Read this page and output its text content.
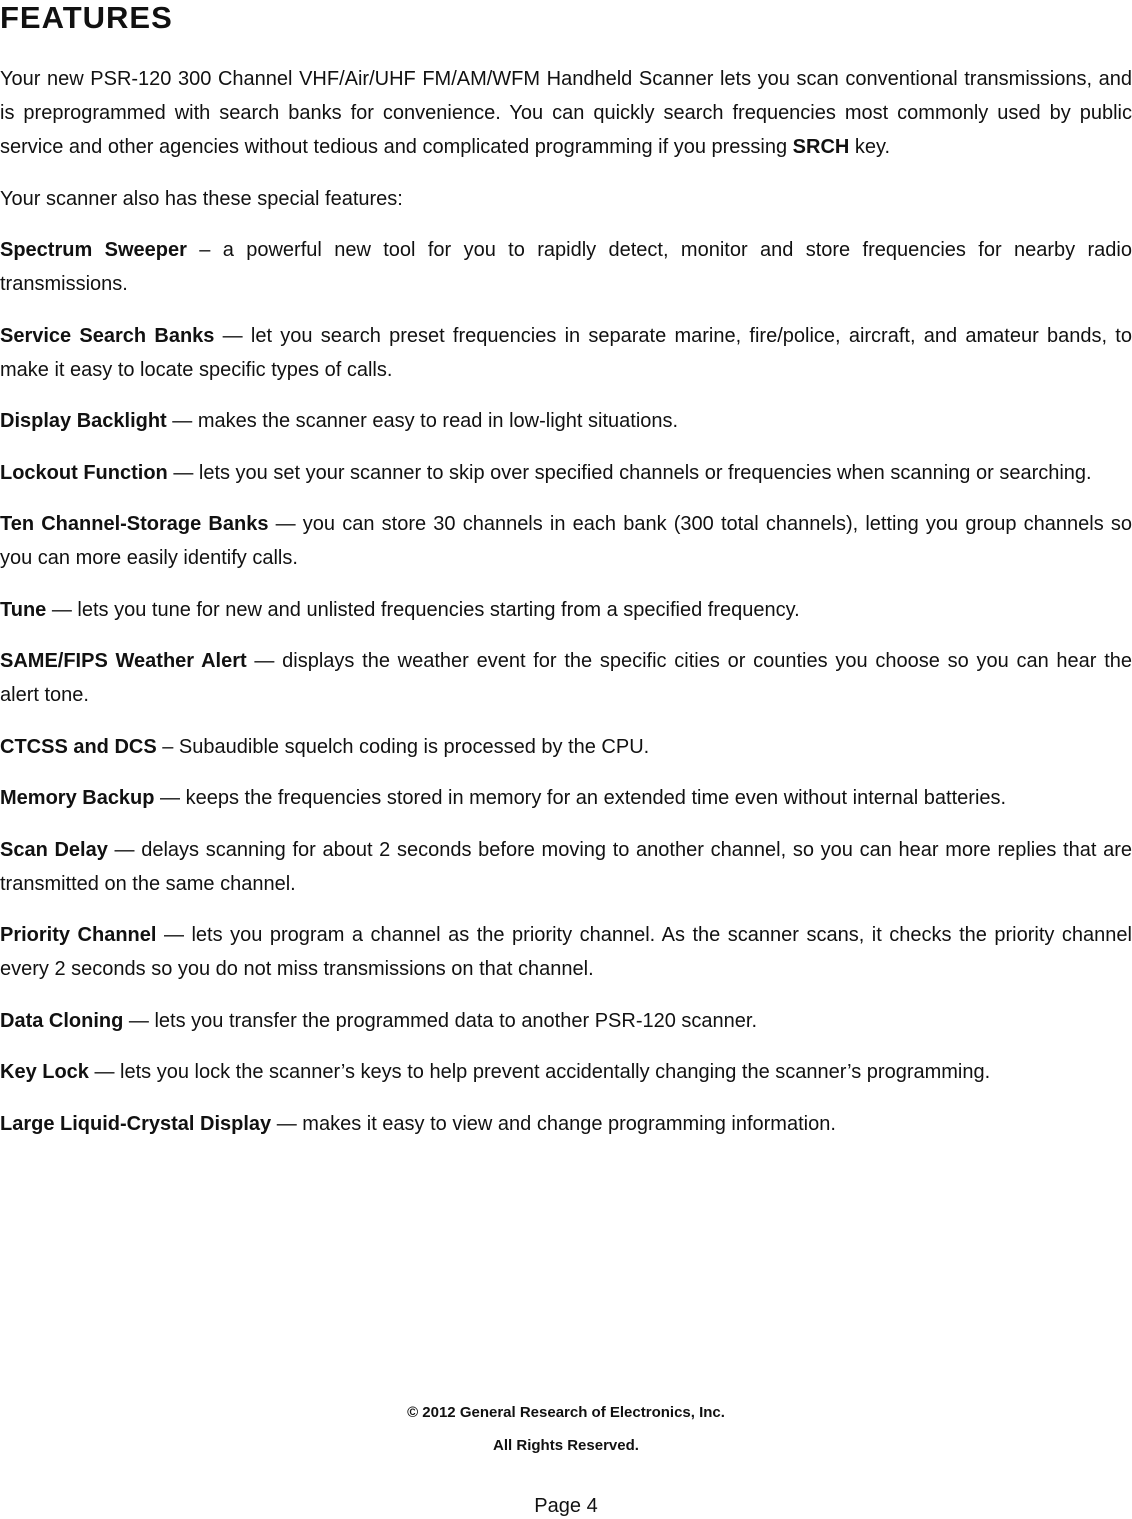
FEATURES

Your new PSR-120 300 Channel VHF/Air/UHF FM/AM/WFM Handheld Scanner lets you scan conventional transmissions, and is preprogrammed with search banks for convenience. You can quickly search frequencies most commonly used by public service and other agencies without tedious and complicated programming if you pressing SRCH key.

Your scanner also has these special features:

Spectrum Sweeper – a powerful new tool for you to rapidly detect, monitor and store frequencies for nearby radio transmissions.

Service Search Banks — let you search preset frequencies in separate marine, fire/police, aircraft, and amateur bands, to make it easy to locate specific types of calls.

Display Backlight — makes the scanner easy to read in low-light situations.

Lockout Function — lets you set your scanner to skip over specified channels or frequencies when scanning or searching.

Ten Channel-Storage Banks — you can store 30 channels in each bank (300 total channels), letting you group channels so you can more easily identify calls.

Tune — lets you tune for new and unlisted frequencies starting from a specified frequency.

SAME/FIPS Weather Alert — displays the weather event for the specific cities or counties you choose so you can hear the alert tone.

CTCSS and DCS – Subaudible squelch coding is processed by the CPU.

Memory Backup — keeps the frequencies stored in memory for an extended time even without internal batteries.

Scan Delay — delays scanning for about 2 seconds before moving to another channel, so you can hear more replies that are transmitted on the same channel.

Priority Channel — lets you program a channel as the priority channel. As the scanner scans, it checks the priority channel every 2 seconds so you do not miss transmissions on that channel.

Data Cloning — lets you transfer the programmed data to another PSR-120 scanner.

Key Lock — lets you lock the scanner’s keys to help prevent accidentally changing the scanner’s programming.

Large Liquid-Crystal Display — makes it easy to view and change programming information.

© 2012 General Research of Electronics, Inc.
All Rights Reserved.
Page 4
